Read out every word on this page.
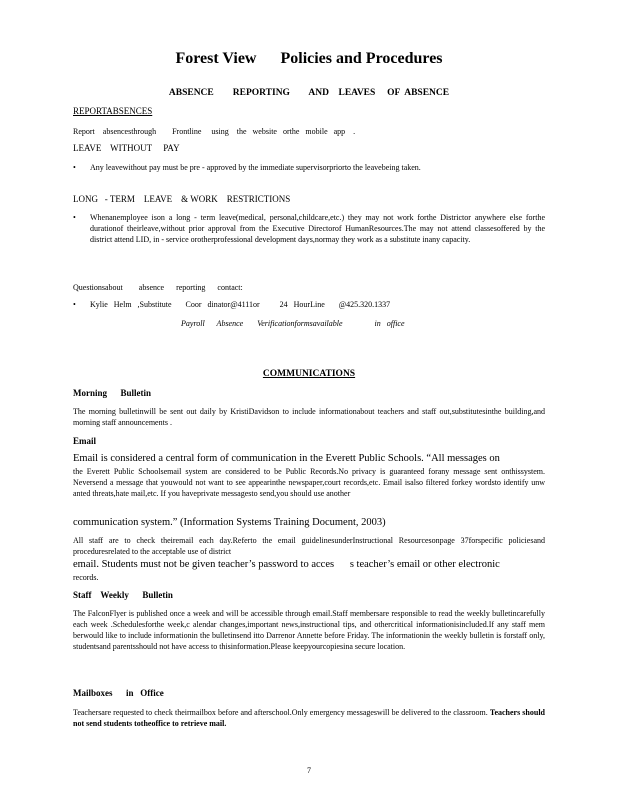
Forest View      Policies and Procedures
ABSENCE        REPORTING        AND    LEAVES     OF  ABSENCE
REPORTABSENCES
Report    absencesthrough        Frontline     using    the   website   orthe   mobile   app    .
LEAVE    WITHOUT     PAY
• Any leavewithout pay must be pre - approved by the immediate supervisorpriorto the leavebeing taken.
LONG   - TERM    LEAVE    & WORK    RESTRICTIONS
• Whenanemployee ison a long - term leave(medical, personal,childcare,etc.) they may not work forthe Districtor anywhere else forthe durationof theirleave,without prior approval from the Executive Directorof HumanResources.The may not attend classesoffered by the district attend LID, in - service orotherprofessional development days,normay they work as a substitute inany capacity.
Questionsabout        absence      reporting      contact:
• Kylie   Helm   ,Substitute       Coor   dinator@4111or          24   HourLine       @425.320.1337
Payroll      Absence       Verificationformsavailable                in   office
COMMUNICATIONS
Morning      Bulletin
The morning bulletinwill be sent out daily by KristiDavidson to include informationabout teachers and staff out,substitutesinthe building,and morning staff announcements .
Email
Email is considered a central form of communication in the Everett Public Schools. “All messages on
the Everett Public Schoolsemail system are considered to be Public Records.No privacy is guaranteed forany message sent onthissystem. Neversend a message that youwould not want to see appearinthe newspaper,court records,etc. Email isalso filtered forkey wordsto identify unw anted threats,hate mail,etc. If you haveprivate messagesto send,you should use another
communication system.” (Information Systems Training Document, 2003)
All staff are to check theiremail each day.Referto the email guidelinesunderInstructional Resourcesonpage 37forspecific policiesand proceduresrelated to the acceptable use of district
email. Students must not be given teacher’s password to acces      s teacher’s email or other electronic
records.
Staff    Weekly      Bulletin
The FalconFlyer is published once a week and will be accessible through email.Staff membersare responsible to read the weekly bulletincarefully each week .Schedulesforthe week,c alendar changes,important news,instructional tips, and othercritical informationisincluded.If any staff mem berwould like to include informationin the bulletinsend itto Darrenor Annette before Friday. The informationin the weekly bulletin is forstaff only, studentsand parentsshould not have access to thisinformation.Please keepyourcopiesina secure location.
Mailboxes      in   Office
Teachersare requested to check theirmailbox before and afterschool.Only emergency messageswill be delivered to the classroom. Teachers should not send students totheoffice to retrieve mail.
7
